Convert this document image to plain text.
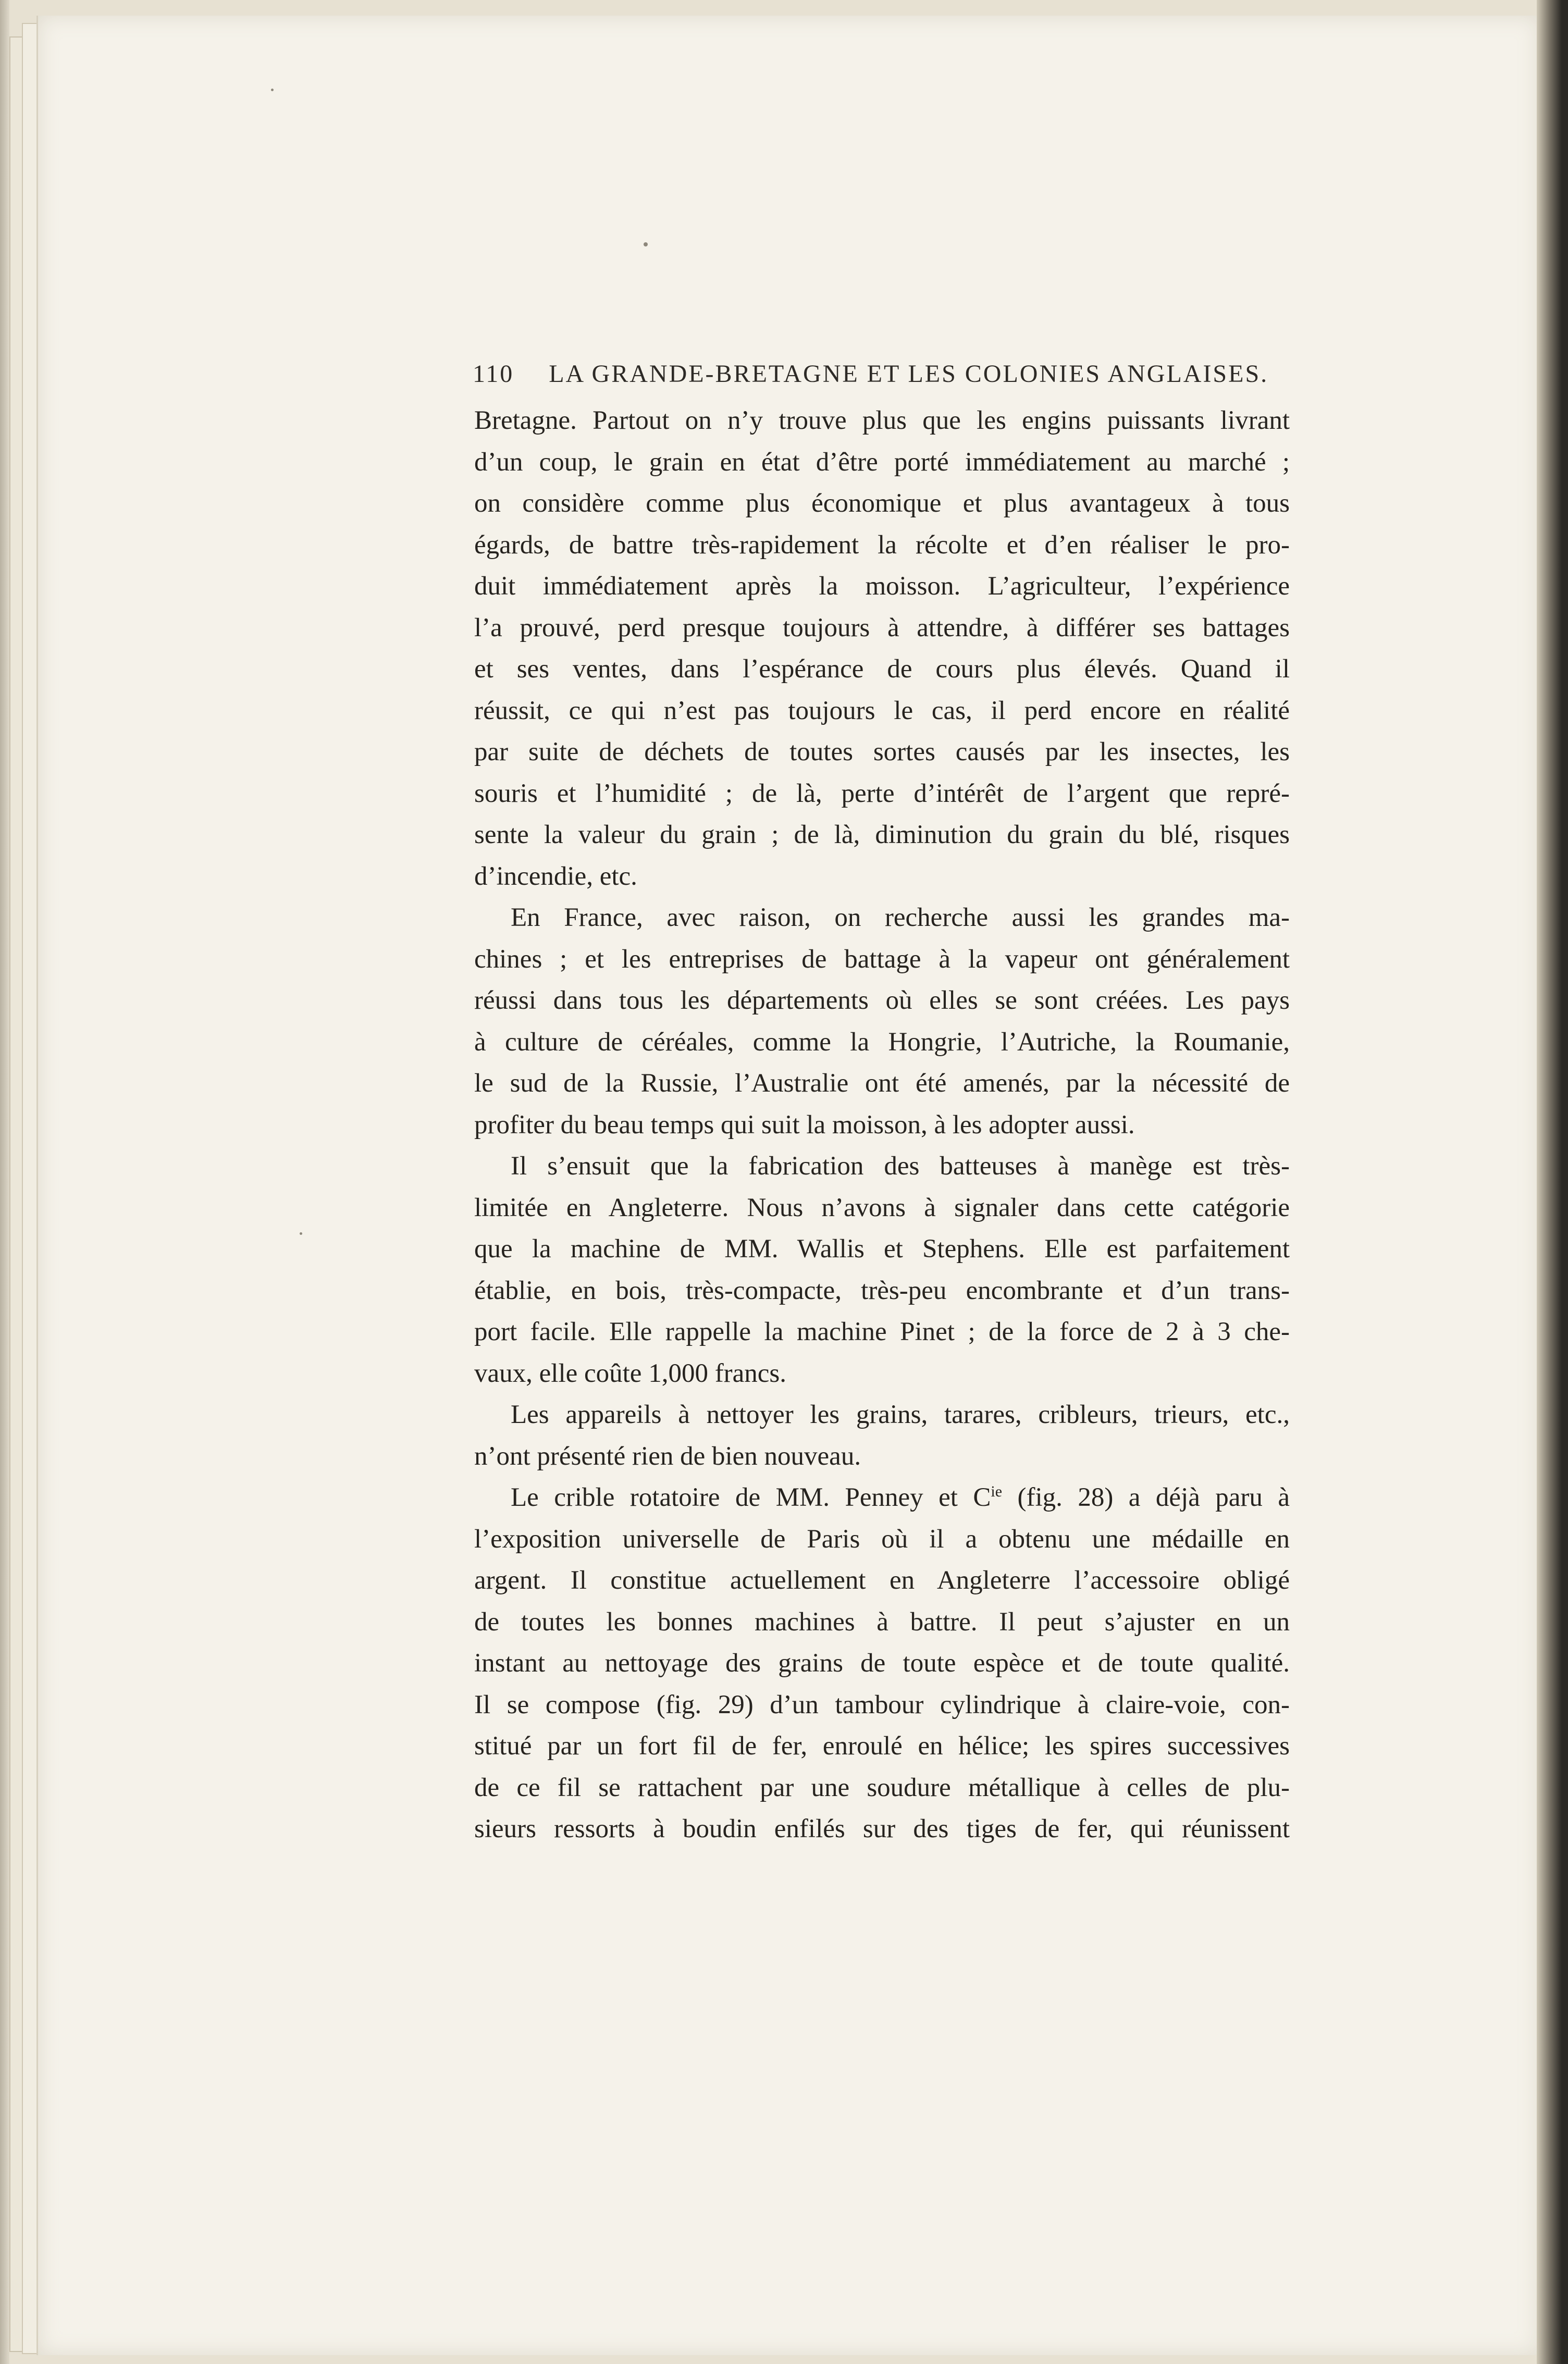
110 LA GRANDE-BRETAGNE ET LES COLONIES ANGLAISES.

Bretagne. Partout on n’y trouve plus que les engins puissants livrant

d’un coup, le grain en état d’être porté immédiatement au marché ;

on considère comme plus économique et plus avantageux à tous

égards, de battre très-rapidement la récolte et d’en réaliser le pro-

duit immédiatement après la moisson. L’agriculteur, l’expérience

l’a prouvé, perd presque toujours à attendre, à différer ses battages

et ses ventes, dans l’espérance de cours plus élevés. Quand il

réussit, ce qui n’est pas toujours le cas, il perd encore en réalité

par suite de déchets de toutes sortes causés par les insectes, les

souris et l’humidité ; de là, perte d’intérêt de l’argent que repré-

sente la valeur du grain ; de là, diminution du grain du blé, risques

d’incendie, etc.

En France, avec raison, on recherche aussi les grandes ma-

chines ; et les entreprises de battage à la vapeur ont généralement

réussi dans tous les départements où elles se sont créées. Les pays

à culture de céréales, comme la Hongrie, l’Autriche, la Roumanie,

le sud de la Russie, l’Australie ont été amenés, par la nécessité de

profiter du beau temps qui suit la moisson, à les adopter aussi.

Il s’ensuit que la fabrication des batteuses à manège est très-

limitée en Angleterre. Nous n’avons à signaler dans cette catégorie

que la machine de MM. Wallis et Stephens. Elle est parfaitement

établie, en bois, très-compacte, très-peu encombrante et d’un trans-

port facile. Elle rappelle la machine Pinet ; de la force de 2 à 3 che-

vaux, elle coûte 1,000 francs.

Les appareils à nettoyer les grains, tarares, cribleurs, trieurs, etc.,

n’ont présenté rien de bien nouveau.

Le crible rotatoire de MM. Penney et $C^{ie}$ (fig. 28) a déjà paru à

l’exposition universelle de Paris où il a obtenu une médaille en

argent. Il constitue actuellement en Angleterre l’accessoire obligé

de toutes les bonnes machines à battre. Il peut s’ajuster en un

instant au nettoyage des grains de toute espèce et de toute qualité.

Il se compose (fig. 29) d’un tambour cylindrique à claire-voie, con-

stitué par un fort fil de fer, enroulé en hélice; les spires successives

de ce fil se rattachent par une soudure métallique à celles de plu-

sieurs ressorts à boudin enfilés sur des tiges de fer, qui réunissent
